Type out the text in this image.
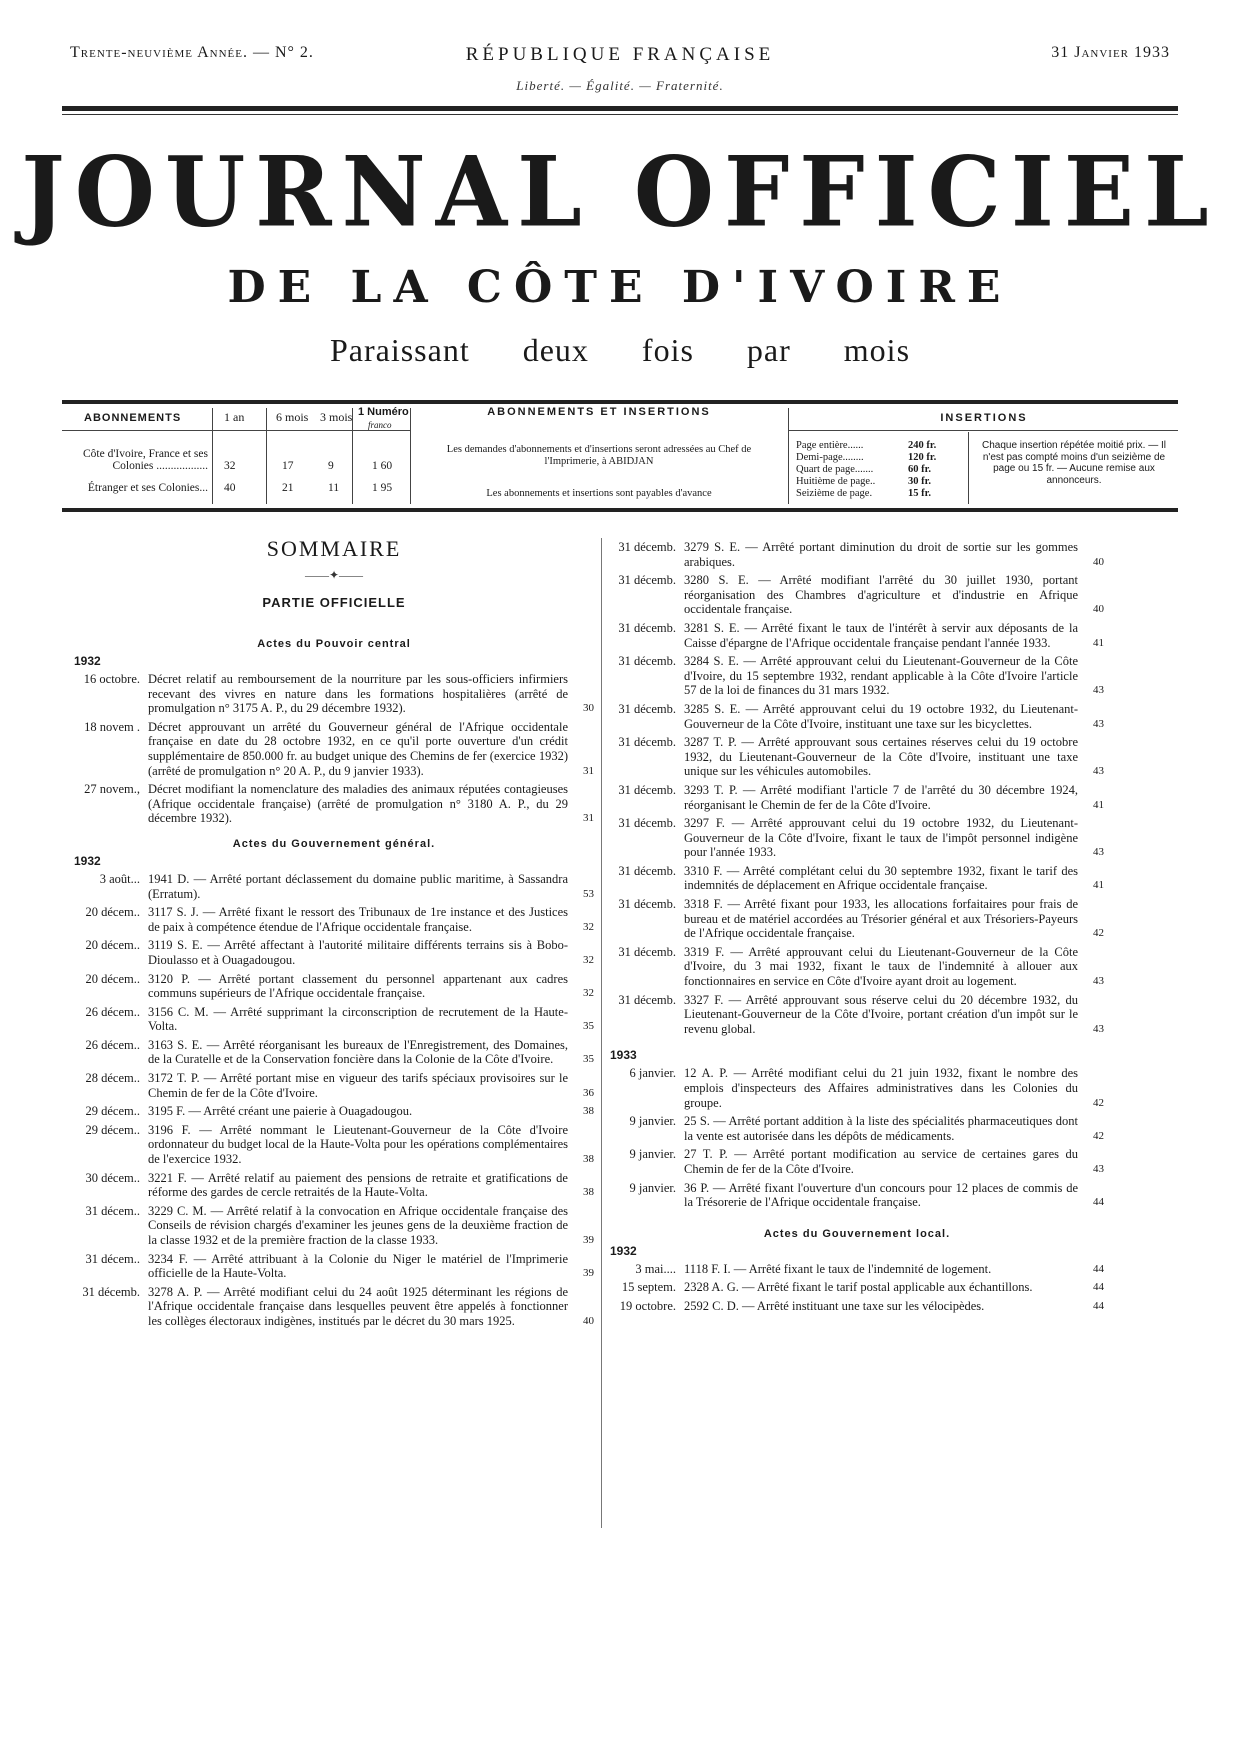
Trente-neuvième Année. — N° 2.	RÉPUBLIQUE FRANÇAISE	31 Janvier 1933
Liberté. — Égalité. — Fraternité.
JOURNAL OFFICIEL
DE LA CÔTE D'IVOIRE
Paraissant deux fois par mois
ABONNEMENTS	1 an	6 mois 3 mois 1 Numéro
franco
Côte d'Ivoire, France et ses Colonies .................. 32	17	9	1 60
Étranger et ses Colonies... 40	21	11	1 95
ABONNEMENTS ET INSERTIONS
Les demandes d'abonnements et d'insertions seront adressées au Chef de l'Imprimerie, à ABIDJAN
Les abonnements et insertions sont payables d'avance
INSERTIONS
Page entière......	240 fr.
Demi-page........	120 fr.
Quart de page.......	60 fr.
Huitième de page..	30 fr.
Seizième de page.	15 fr.
Chaque insertion répétée moitié prix. — Il n'est pas compté moins d'un seizième de page ou 15 fr. — Aucune remise aux annonceurs.
SOMMAIRE
——✦——
PARTIE OFFICIELLE
Actes du Pouvoir central
1932
16 octobre. Décret relatif au remboursement de la nourriture par les sous-officiers infirmiers recevant des vivres en nature dans les formations hospitalières (arrêté de promulgation n° 3175 A. P., du 29 décembre 1932).	30
18 novem . Décret approuvant un arrêté du Gouverneur général de l'Afrique occidentale française en date du 28 octobre 1932, en ce qu'il porte ouverture d'un crédit supplémentaire de 850.000 fr. au budget unique des Chemins de fer (exercice 1932) (arrêté de promulgation n° 20 A. P., du 9 janvier 1933).	31
27 novem., Décret modifiant la nomenclature des maladies des animaux réputées contagieuses (Afrique occidentale française) (arrêté de promulgation n° 3180 A. P., du 29 décembre 1932).	31
Actes du Gouvernement général.
1932
3 août... 1941 D. — Arrêté portant déclassement du domaine public maritime, à Sassandra (Erratum).	53
20 décem.. 3117 S. J. — Arrêté fixant le ressort des Tribunaux de 1re instance et des Justices de paix à compétence étendue de l'Afrique occidentale française.	32
20 décem.. 3119 S. E. — Arrêté affectant à l'autorité militaire différents terrains sis à Bobo-Dioulasso et à Ouagadougou.	32
20 décem.. 3120 P. — Arrêté portant classement du personnel appartenant aux cadres communs supérieurs de l'Afrique occidentale française.	32
26 décem.. 3156 C. M. — Arrêté supprimant la circonscription de recrutement de la Haute-Volta.	35
26 décem.. 3163 S. E. — Arrêté réorganisant les bureaux de l'Enregistrement, des Domaines, de la Curatelle et de la Conservation foncière dans la Colonie de la Côte d'Ivoire.	35
28 décem.. 3172 T. P. — Arrêté portant mise en vigueur des tarifs spéciaux provisoires sur le Chemin de fer de la Côte d'Ivoire.	36
29 décem.. 3195 F. — Arrêté créant une paierie à Ouagadougou.	38
29 décem.. 3196 F. — Arrêté nommant le Lieutenant-Gouverneur de la Côte d'Ivoire ordonnateur du budget local de la Haute-Volta pour les opérations complémentaires de l'exercice 1932.	38
30 décem.. 3221 F. — Arrêté relatif au paiement des pensions de retraite et gratifications de réforme des gardes de cercle retraités de la Haute-Volta.	38
31 décem.. 3229 C. M. — Arrêté relatif à la convocation en Afrique occidentale française des Conseils de révision chargés d'examiner les jeunes gens de la deuxième fraction de la classe 1932 et de la première fraction de la classe 1933.	39
31 décem.. 3234 F. — Arrêté attribuant à la Colonie du Niger le matériel de l'Imprimerie officielle de la Haute-Volta.	39
31 décemb. 3278 A. P. — Arrêté modifiant celui du 24 août 1925 déterminant les régions de l'Afrique occidentale française dans lesquelles peuvent être appelés à fonctionner les collèges électoraux indigènes, institués par le décret du 30 mars 1925.	40
31 décemb. 3279 S. E. — Arrêté portant diminution du droit de sortie sur les gommes arabiques.	40
31 décemb. 3280 S. E. — Arrêté modifiant l'arrêté du 30 juillet 1930, portant réorganisation des Chambres d'agriculture et d'industrie en Afrique occidentale française.	40
31 décemb. 3281 S. E. — Arrêté fixant le taux de l'intérêt à servir aux déposants de la Caisse d'épargne de l'Afrique occidentale française pendant l'année 1933.	41
31 décemb. 3284 S. E. — Arrêté approuvant celui du Lieutenant-Gouverneur de la Côte d'Ivoire, du 15 septembre 1932, rendant applicable à la Côte d'Ivoire l'article 57 de la loi de finances du 31 mars 1932.	43
31 décemb. 3285 S. E. — Arrêté approuvant celui du 19 octobre 1932, du Lieutenant-Gouverneur de la Côte d'Ivoire, instituant une taxe sur les bicyclettes.	43
31 décemb. 3287 T. P. — Arrêté approuvant sous certaines réserves celui du 19 octobre 1932, du Lieutenant-Gouverneur de la Côte d'Ivoire, instituant une taxe unique sur les véhicules automobiles.	43
31 décemb. 3293 T. P. — Arrêté modifiant l'article 7 de l'arrêté du 30 décembre 1924, réorganisant le Chemin de fer de la Côte d'Ivoire.	41
31 décemb. 3297 F. — Arrêté approuvant celui du 19 octobre 1932, du Lieutenant-Gouverneur de la Côte d'Ivoire, fixant le taux de l'impôt personnel indigène pour l'année 1933.	43
31 décemb. 3310 F. — Arrêté complétant celui du 30 septembre 1932, fixant le tarif des indemnités de déplacement en Afrique occidentale française.	41
31 décemb. 3318 F. — Arrêté fixant pour 1933, les allocations forfaitaires pour frais de bureau et de matériel accordées au Trésorier général et aux Trésoriers-Payeurs de l'Afrique occidentale française.	42
31 décemb. 3319 F. — Arrêté approuvant celui du Lieutenant-Gouverneur de la Côte d'Ivoire, du 3 mai 1932, fixant le taux de l'indemnité à allouer aux fonctionnaires en service en Côte d'Ivoire ayant droit au logement.	43
31 décemb. 3327 F. — Arrêté approuvant sous réserve celui du 20 décembre 1932, du Lieutenant-Gouverneur de la Côte d'Ivoire, portant création d'un impôt sur le revenu global.	43
1933
6 janvier. 12 A. P. — Arrêté modifiant celui du 21 juin 1932, fixant le nombre des emplois d'inspecteurs des Affaires administratives dans les Colonies du groupe.	42
9 janvier. 25 S. — Arrêté portant addition à la liste des spécialités pharmaceutiques dont la vente est autorisée dans les dépôts de médicaments.	42
9 janvier. 27 T. P. — Arrêté portant modification au service de certaines gares du Chemin de fer de la Côte d'Ivoire.	43
9 janvier. 36 P. — Arrêté fixant l'ouverture d'un concours pour 12 places de commis de la Trésorerie de l'Afrique occidentale française.	44
Actes du Gouvernement local.
1932
3 mai.... 1118 F. I. — Arrêté fixant le taux de l'indemnité de logement.	44
15 septem. 2328 A. G. — Arrêté fixant le tarif postal applicable aux échantillons.	44
19 octobre. 2592 C. D. — Arrêté instituant une taxe sur les vélocipèdes.	44
